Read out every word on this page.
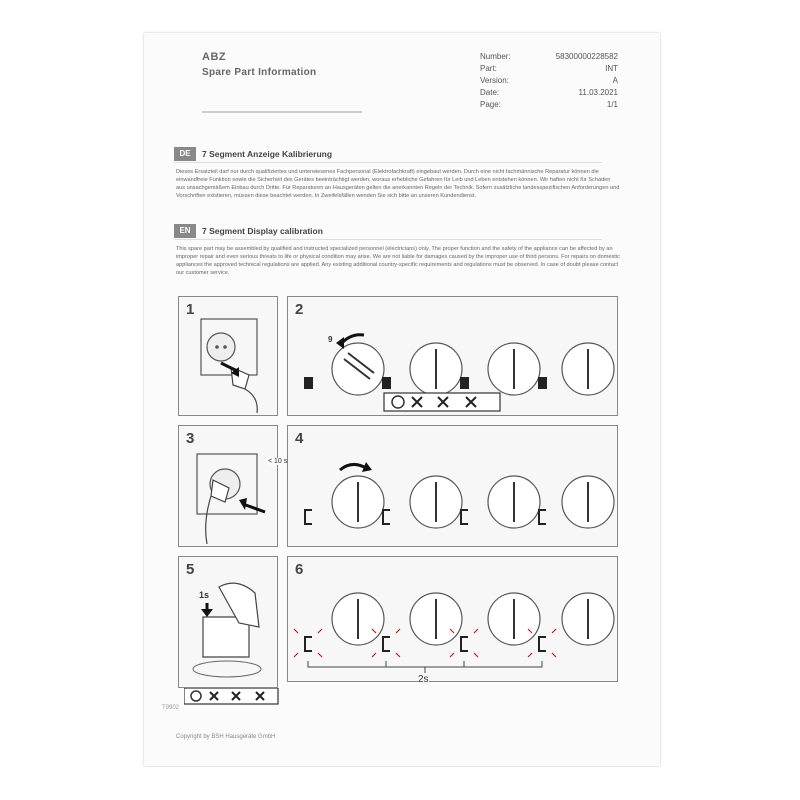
ABZ
Spare Part Information
Number:	58300000228582
Part:	INT
Version:	A
Date:	11.03.2021
Page:	1/1
DE	7 Segment Anzeige Kalibrierung
Dieses Ersatzteil darf nur durch qualifiziertes und unterwiesenes Fachpersonal (Elektrofachkraft) eingebaut werden. Durch eine nicht fachmännische Reparatur können die einwandfreie Funktion sowie die Sicherheit des Gerätes beeinträchtigt werden, woraus erhebliche Gefahren für Leib und Leben entstehen können. Wir haften nicht für Schäden aus unsachgemäßem Einbau durch Dritte. Für Reparaturen an Hausgeräten gelten die anerkannten Regeln der Technik. Sofern zusätzliche landesspezifischen Anforderungen und Vorschriften existieren, müssen diese beachtet werden. In Zweifelsfällen wenden Sie sich bitte an unseren Kundendienst.
EN	7 Segment Display calibration
This spare part may be assembled by qualified and instructed specialized personnel (electricians) only. The proper function and the safety of the appliance can be affected by an improper repair and even serious threats to life or physical condition may arise. We are not liable for damages caused by the improper use of third persons. For repairs on domestic appliances the approved technical regulations are applied. Any existing additional country-specific requirements and regulations must be observed. In case of doubt please contact our customer service.
1	2
9
3
< 10 s
4
5
1s
6
2s
T9902
Copyright by BSH Hausgeräte GmbH
